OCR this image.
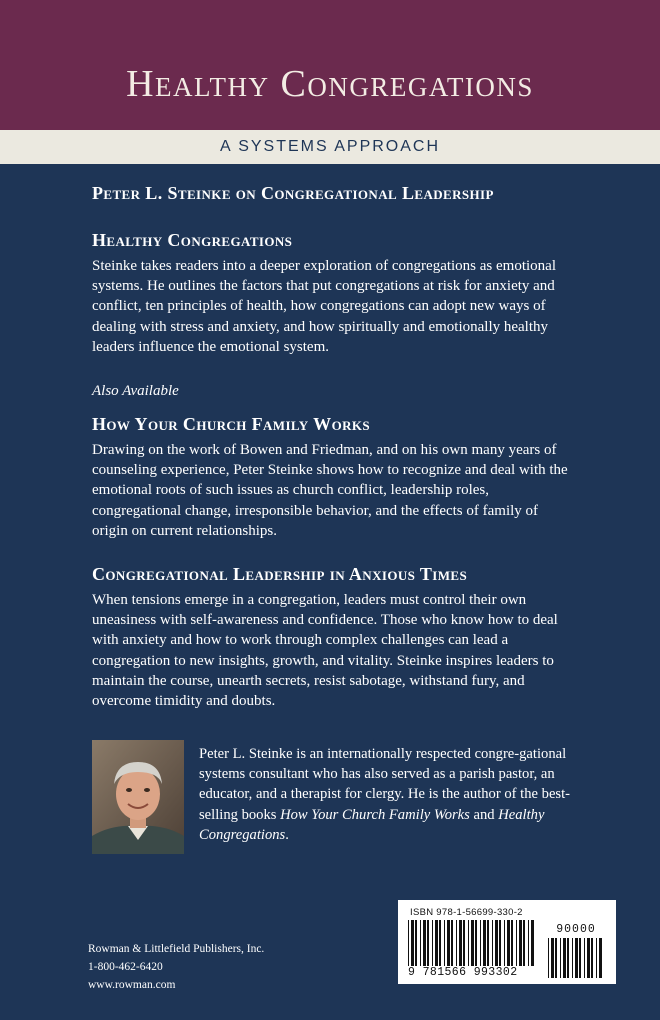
Healthy Congregations
A SYSTEMS APPROACH
Peter L. Steinke on Congregational Leadership
Healthy Congregations
Steinke takes readers into a deeper exploration of congregations as emotional systems. He outlines the factors that put congregations at risk for anxiety and conflict, ten principles of health, how congregations can adopt new ways of dealing with stress and anxiety, and how spiritually and emotionally healthy leaders influence the emotional system.
Also Available
How Your Church Family Works
Drawing on the work of Bowen and Friedman, and on his own many years of counseling experience, Peter Steinke shows how to recognize and deal with the emotional roots of such issues as church conflict, leadership roles, congregational change, irresponsible behavior, and the effects of family of origin on current relationships.
Congregational Leadership in Anxious Times
When tensions emerge in a congregation, leaders must control their own uneasiness with self-awareness and confidence. Those who know how to deal with anxiety and how to work through complex challenges can lead a congregation to new insights, growth, and vitality. Steinke inspires leaders to maintain the course, unearth secrets, resist sabotage, withstand fury, and overcome timidity and doubts.
Peter L. Steinke is an internationally respected congre-gational systems consultant who has also served as a parish pastor, an educator, and a therapist for clergy. He is the author of the best-selling books How Your Church Family Works and Healthy Congregations.
Rowman & Littlefield Publishers, Inc.
1-800-462-6420
www.rowman.com
ISBN 978-1-56699-330-2
9 781566 993302
90000
